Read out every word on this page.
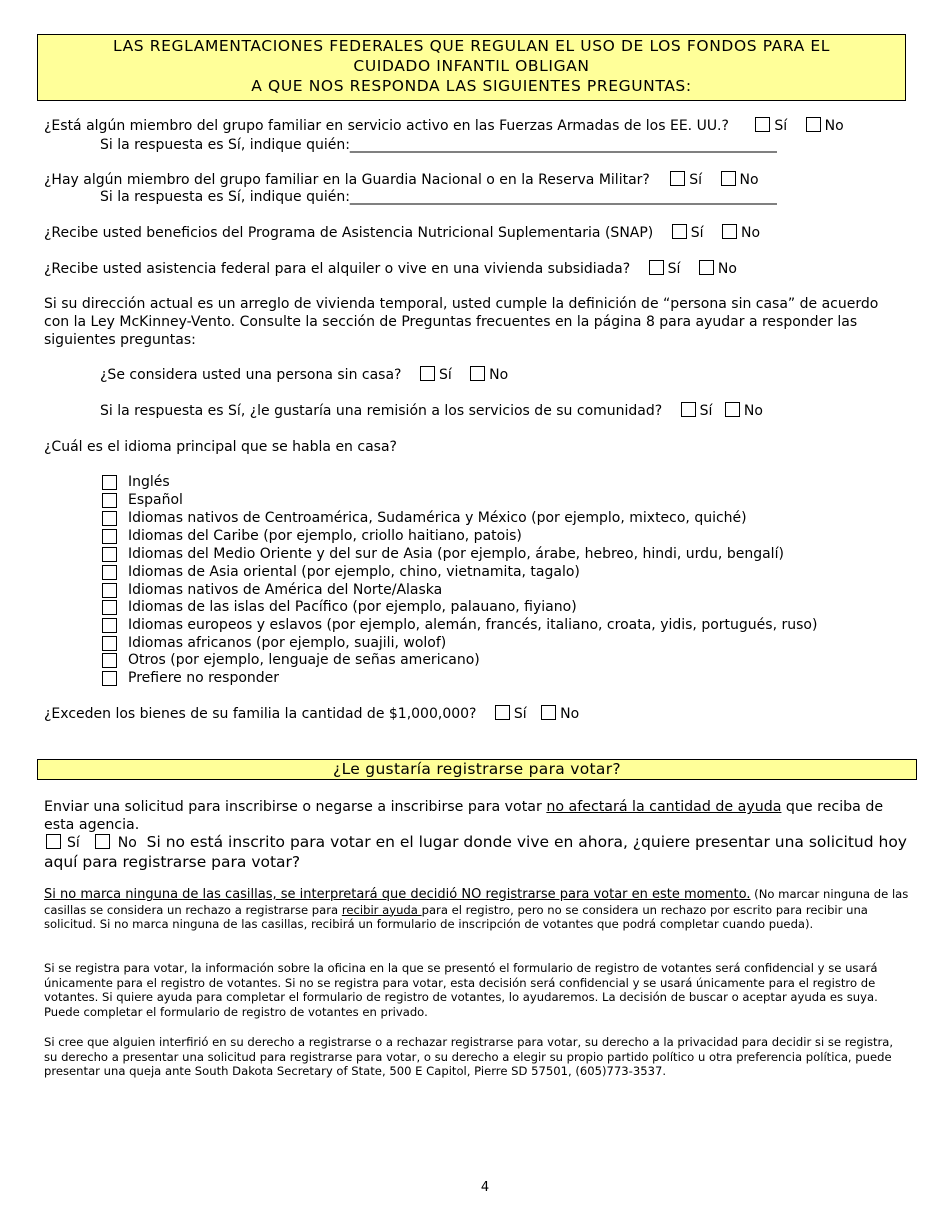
LAS REGLAMENTACIONES FEDERALES QUE REGULAN EL USO DE LOS FONDOS PARA EL
CUIDADO INFANTIL OBLIGAN
A QUE NOS RESPONDA LAS SIGUIENTES PREGUNTAS:
¿Está algún miembro del grupo familiar en servicio activo en las Fuerzas Armadas de los EE. UU.?	Sí	No
Si la respuesta es Sí, indique quién:_____________________________________________________________
¿Hay algún miembro del grupo familiar en la Guardia Nacional o en la Reserva Militar?	Sí	No
Si la respuesta es Sí, indique quién:_____________________________________________________________
¿Recibe usted beneficios del Programa de Asistencia Nutricional Suplementaria (SNAP)	Sí	No
¿Recibe usted asistencia federal para el alquiler o vive en una vivienda subsidiada?	Sí	No
Si su dirección actual es un arreglo de vivienda temporal, usted cumple la definición de “persona sin casa” de acuerdo con la Ley McKinney-Vento. Consulte la sección de Preguntas frecuentes en la página 8 para ayudar a responder las siguientes preguntas:
¿Se considera usted una persona sin casa?	Sí	No
Si la respuesta es Sí, ¿le gustaría una remisión a los servicios de su comunidad?	Sí No
¿Cuál es el idioma principal que se habla en casa?
Inglés
Español
Idiomas nativos de Centroamérica, Sudamérica y México (por ejemplo, mixteco, quiché)
Idiomas del Caribe (por ejemplo, criollo haitiano, patois)
Idiomas del Medio Oriente y del sur de Asia (por ejemplo, árabe, hebreo, hindi, urdu, bengalí)
Idiomas de Asia oriental (por ejemplo, chino, vietnamita, tagalo)
Idiomas nativos de América del Norte/Alaska
Idiomas de las islas del Pacífico (por ejemplo, palauano, fiyiano)
Idiomas europeos y eslavos (por ejemplo, alemán, francés, italiano, croata, yidis, portugués, ruso)
Idiomas africanos (por ejemplo, suajili, wolof)
Otros (por ejemplo, lenguaje de señas americano)
Prefiere no responder
¿Exceden los bienes de su familia la cantidad de $1,000,000?	Sí No
¿Le gustaría registrarse para votar?
Enviar una solicitud para inscribirse o negarse a inscribirse para votar no afectará la cantidad de ayuda que reciba de esta agencia.
Sí	No Si no está inscrito para votar en el lugar donde vive en ahora, ¿quiere presentar una solicitud hoy aquí para registrarse para votar?
Si no marca ninguna de las casillas, se interpretará que decidió NO registrarse para votar en este momento. (No marcar ninguna de las casillas se considera un rechazo a registrarse para recibir ayuda para el registro, pero no se considera un rechazo por escrito para recibir una solicitud. Si no marca ninguna de las casillas, recibirá un formulario de inscripción de votantes que podrá completar cuando pueda).
Si se registra para votar, la información sobre la oficina en la que se presentó el formulario de registro de votantes será confidencial y se usará únicamente para el registro de votantes. Si no se registra para votar, esta decisión será confidencial y se usará únicamente para el registro de votantes. Si quiere ayuda para completar el formulario de registro de votantes, lo ayudaremos. La decisión de buscar o aceptar ayuda es suya. Puede completar el formulario de registro de votantes en privado.
Si cree que alguien interfirió en su derecho a registrarse o a rechazar registrarse para votar, su derecho a la privacidad para decidir si se registra, su derecho a presentar una solicitud para registrarse para votar, o su derecho a elegir su propio partido político u otra preferencia política, puede presentar una queja ante South Dakota Secretary of State, 500 E Capitol, Pierre SD 57501, (605)773-3537.
4
